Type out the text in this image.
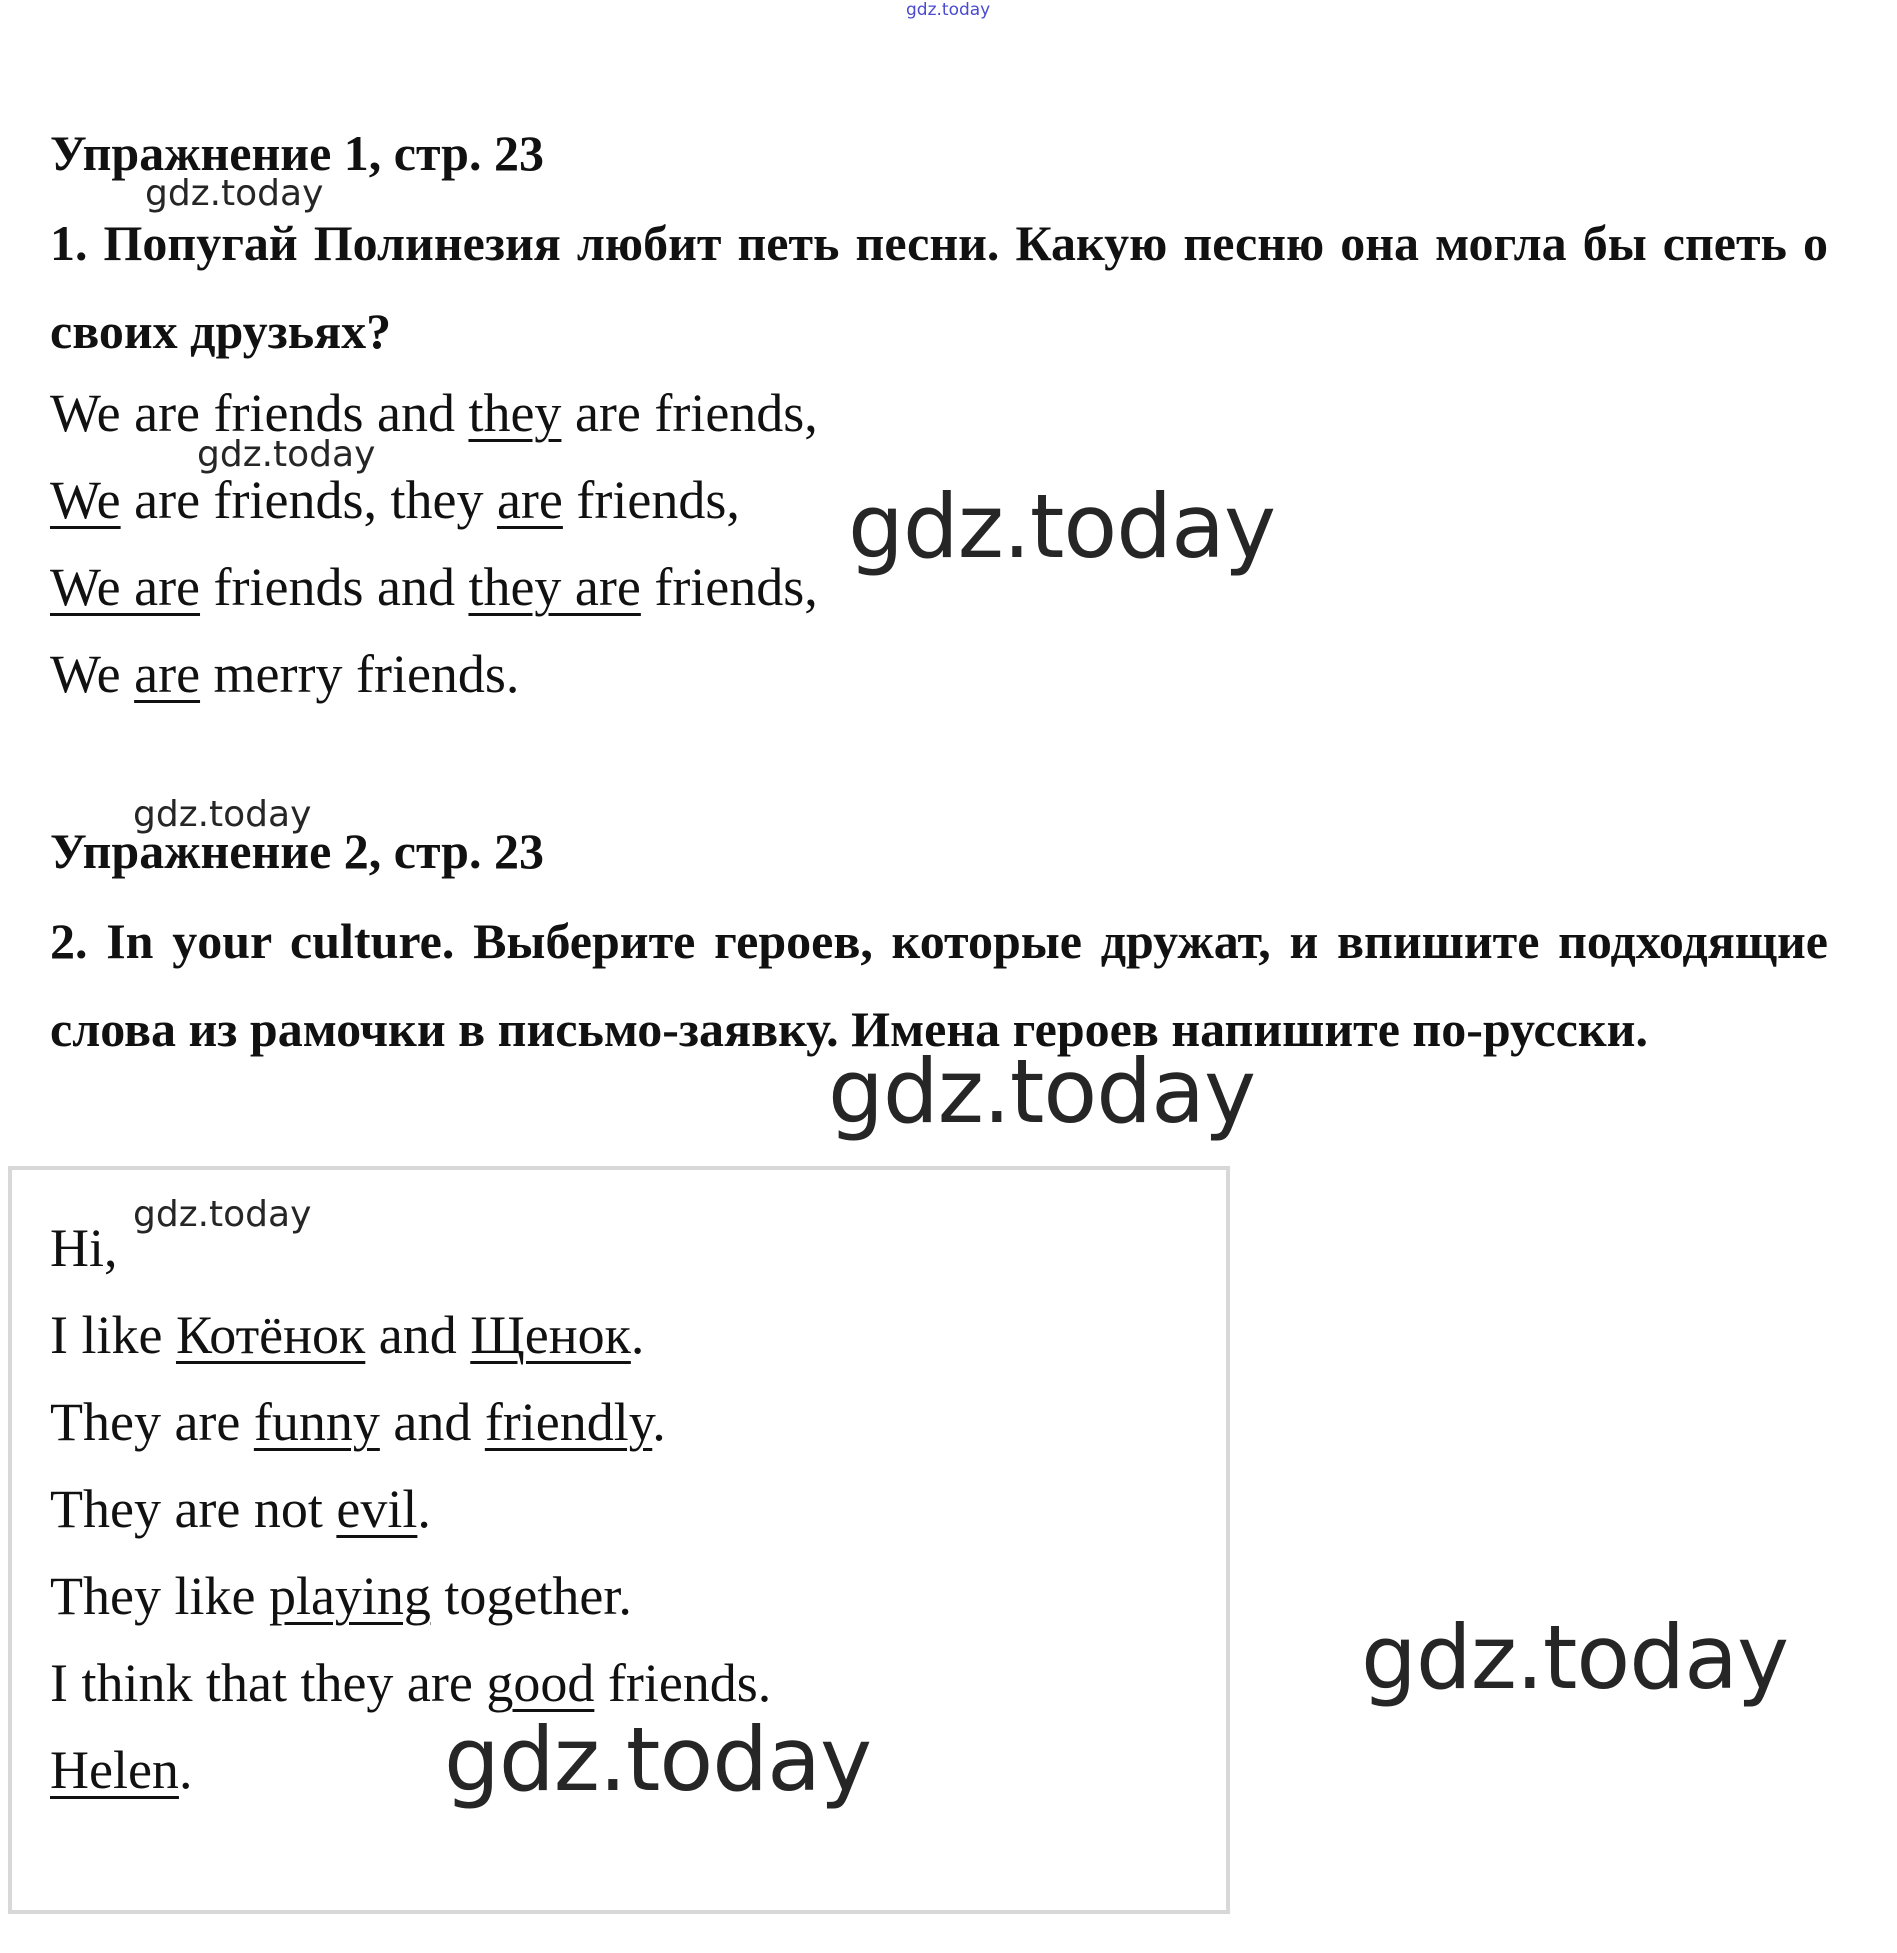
gdz.today
Упражнение 1, стр. 23
1. Попугай Полинезия любит петь песни. Какую песню она могла бы спеть о своих друзьях?
We are friends and they are friends,
We are friends, they are friends,
We are friends and they are friends,
We are merry friends.
Упражнение 2, стр. 23
2. In your culture. Выберите героев, которые дружат, и впишите подходящие слова из рамочки в письмо-заявку. Имена героев напишите по-русски.
Hi,
I like Котёнок and Щенок.
They are funny and friendly.
They are not evil.
They like playing together.
I think that they are good friends.
Helen.
gdz.today
gdz.today
gdz.today
gdz.today
gdz.today
gdz.today
gdz.today
gdz.today
